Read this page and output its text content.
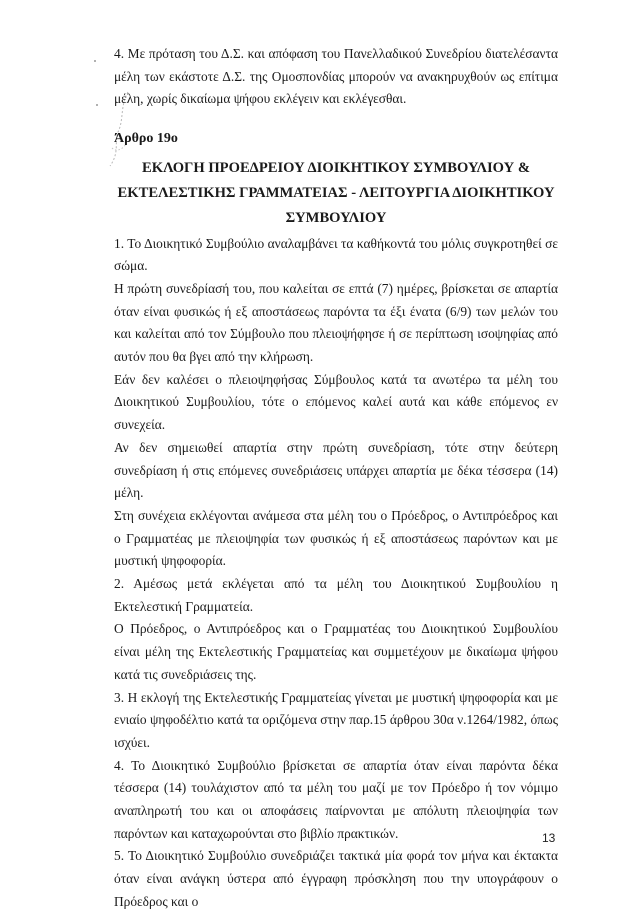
4. Με πρόταση του Δ.Σ. και απόφαση του Πανελλαδικού Συνεδρίου διατελέσαντα μέλη των εκάστοτε Δ.Σ. της Ομοσπονδίας μπορούν να ανακηρυχθούν ως επίτιμα μέλη, χωρίς δικαίωμα ψήφου εκλέγειν και εκλέγεσθαι.

Άρθρο 19ο

ΕΚΛΟΓΗ ΠΡΟΕΔΡΕΙΟΥ ΔΙΟΙΚΗΤΙΚΟΥ ΣΥΜΒΟΥΛΙΟΥ & ΕΚΤΕΛΕΣΤΙΚΗΣ ΓΡΑΜΜΑΤΕΙΑΣ - ΛΕΙΤΟΥΡΓΙΑ ΔΙΟΙΚΗΤΙΚΟΥ ΣΥΜΒΟΥΛΙΟΥ

1. Το Διοικητικό Συμβούλιο αναλαμβάνει τα καθήκοντά του μόλις συγκροτηθεί σε σώμα.

Η πρώτη συνεδρίασή του, που καλείται σε επτά (7) ημέρες, βρίσκεται σε απαρτία όταν είναι φυσικώς ή εξ αποστάσεως παρόντα τα έξι ένατα (6/9) των μελών του και καλείται από τον Σύμβουλο που πλειοψήφησε ή σε περίπτωση ισοψηφίας από αυτόν που θα βγει από την κλήρωση.

Εάν δεν καλέσει ο πλειοψηφήσας Σύμβουλος κατά τα ανωτέρω τα μέλη του Διοικητικού Συμβουλίου, τότε ο επόμενος καλεί αυτά και κάθε επόμενος εν συνεχεία.

Αν δεν σημειωθεί απαρτία στην πρώτη συνεδρίαση, τότε στην δεύτερη συνεδρίαση ή στις επόμενες συνεδριάσεις υπάρχει απαρτία με δέκα τέσσερα (14) μέλη.

Στη συνέχεια εκλέγονται ανάμεσα στα μέλη του ο Πρόεδρος, ο Αντιπρόεδρος και ο Γραμματέας με πλειοψηφία των φυσικώς ή εξ αποστάσεως παρόντων και με μυστική ψηφοφορία.

2. Αμέσως μετά εκλέγεται από τα μέλη του Διοικητικού Συμβουλίου η Εκτελεστική Γραμματεία.

Ο Πρόεδρος, ο Αντιπρόεδρος και ο Γραμματέας του Διοικητικού Συμβουλίου είναι μέλη της Εκτελεστικής Γραμματείας και συμμετέχουν με δικαίωμα ψήφου κατά τις συνεδριάσεις της.

3. Η εκλογή της Εκτελεστικής Γραμματείας γίνεται με μυστική ψηφοφορία και με ενιαίο ψηφοδέλτιο κατά τα οριζόμενα στην παρ.15 άρθρου 30α ν.1264/1982, όπως ισχύει.

4. Το Διοικητικό Συμβούλιο βρίσκεται σε απαρτία όταν είναι παρόντα δέκα τέσσερα (14) τουλάχιστον από τα μέλη του μαζί με τον Πρόεδρο ή τον νόμιμο αναπληρωτή του και οι αποφάσεις παίρνονται με απόλυτη πλειοψηφία των παρόντων και καταχωρούνται στο βιβλίο πρακτικών.

5. Το Διοικητικό Συμβούλιο συνεδριάζει τακτικά μία φορά τον μήνα και έκτακτα όταν είναι ανάγκη ύστερα από έγγραφη πρόσκληση που την υπογράφουν ο Πρόεδρος και ο

13
